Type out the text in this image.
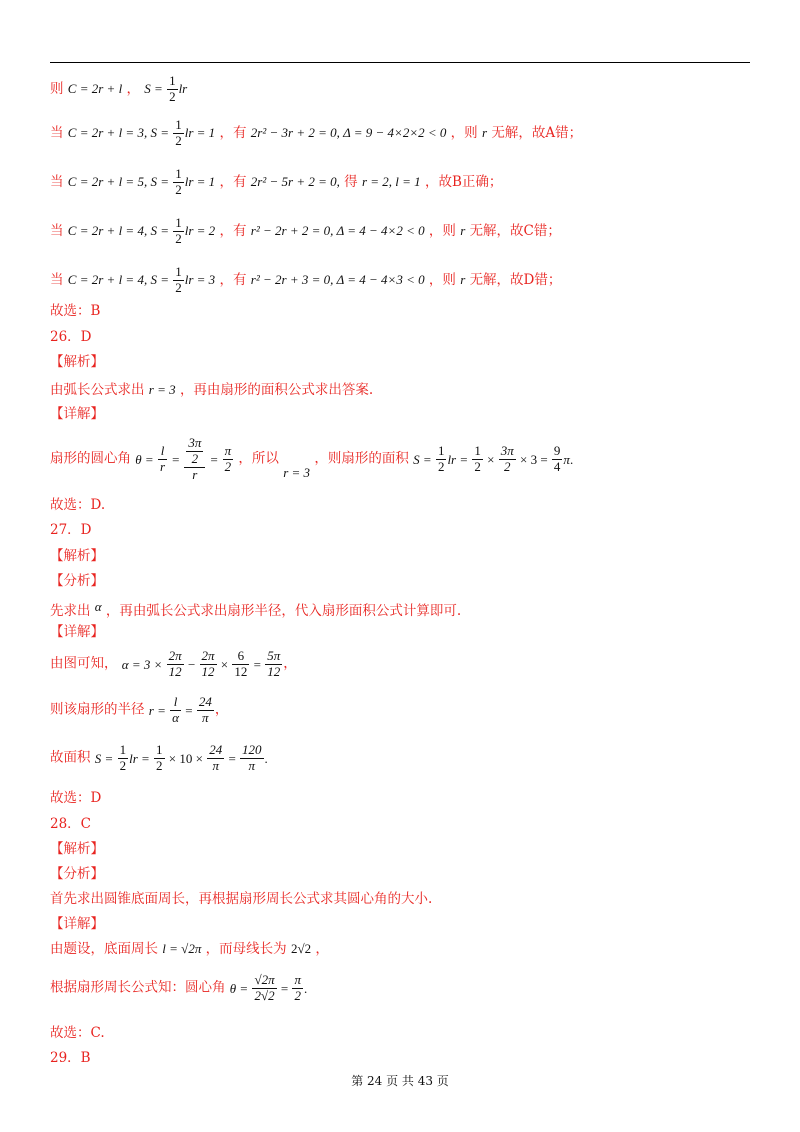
则 C = 2r + l ， $S = \frac{1}{2}$ lr
当 C = 2r + l = 3, $S = \frac{1}{2}$ lr = 1 ，有 2r² − 3r + 2 = 0, Δ = 9 − 4×2×2 < 0 ，则 r 无解，故A错；
当 C = 2r + l = 5, $S = \frac{1}{2}$ lr = 1 ，有 2r² − 5r + 2 = 0, 得 r = 2, l = 1 ，故B正确；
当 C = 2r + l = 4, $S = \frac{1}{2}$ lr = 2 ，有 r² − 2r + 2 = 0, Δ = 4 − 4×2 < 0 ，则 r 无解，故C错；
当 C = 2r + l = 4, $S = \frac{1}{2}$ lr = 3 ，有 r² − 2r + 3 = 0, Δ = 4 − 4×3 < 0 ，则 r 无解，故D错；
故选：B
26．D
【解析】
由弧长公式求出 r = 3 ，再由扇形的面积公式求出答案.
【详解】
扇形的圆心角 $\theta = \frac{l}{r} = \frac{\frac{3\pi}{2}}{r} = \frac{\pi}{2}$ ，所以 r = 3 ，则扇形的面积 $S = \frac{1}{2}$ lr = $\frac{1}{2} \times \frac{3\pi}{2} \times 3 = \frac{9}{4} \pi$.
故选：D.
27．D
【解析】
【分析】
先求出 α ，再由弧长公式求出扇形半径，代入扇形面积公式计算即可.
【详解】
由图可知， $\alpha = 3 \times \frac{2\pi}{12} - \frac{2\pi}{12} \times \frac{6}{12} = \frac{5\pi}{12}$ ，
则该扇形的半径 $r = \frac{l}{\alpha} = \frac{24}{\pi}$ ，
故面积 $S = \frac{1}{2}$ lr = $\frac{1}{2} \times 10 \times \frac{24}{\pi} = \frac{120}{\pi}$ .
故选：D
28．C
【解析】
【分析】
首先求出圆锥底面周长，再根据扇形周长公式求其圆心角的大小.
【详解】
由题设，底面周长 l = √2π ，而母线长为 2√2 ，
根据扇形周长公式知：圆心角 $\theta = \frac{√2\pi}{2√2} = \frac{\pi}{2}$ .
故选：C.
29．B
第 24 页 共 43 页
